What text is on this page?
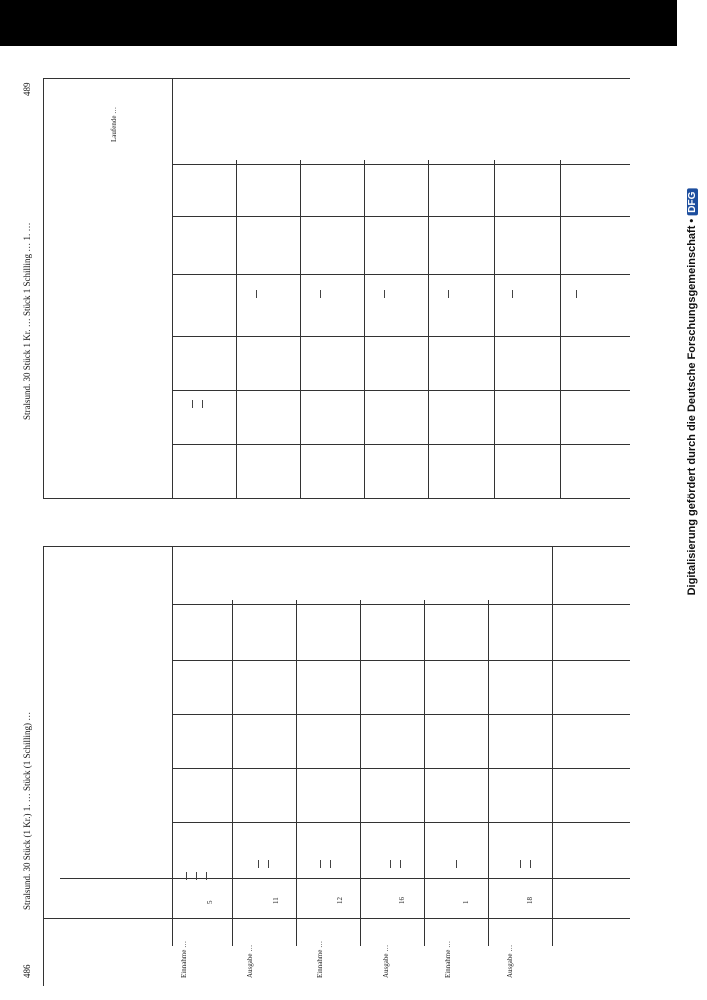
Digitalisierung gefördert durch die Deutsche Forschungsgemeinschaft •DFG
486
Stralsund. 30 Stück (1 Kr.) 1. … Stück (1 Schilling) …
Stralsund. 30 Stück 1 Kr. … Stück 1 Schilling … 1. …
489
Einnahme …	Ausgabe …	Einnahme …	Ausgabe …	Einnahme …	Ausgabe …
5	11	12	16	1	18
Laufende …
